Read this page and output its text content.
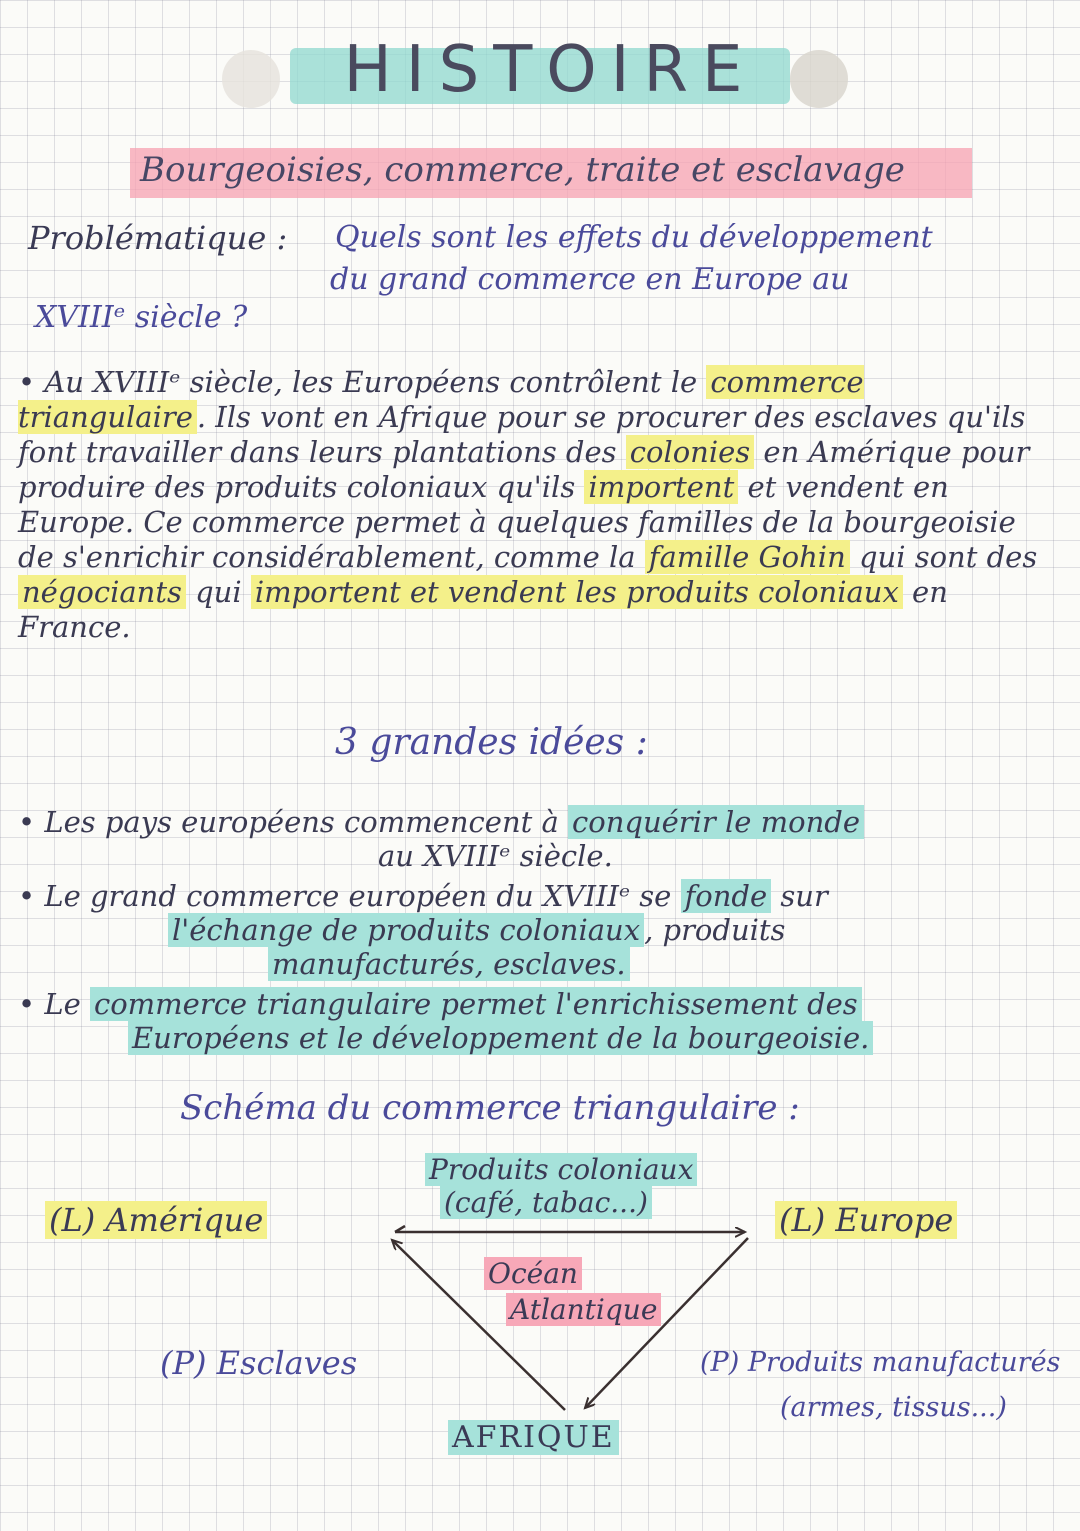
HISTOIRE
Bourgeoisies, commerce, traite et esclavage
Problématique : Quels sont les effets du développement
du grand commerce en Europe au
XVIIIᵉ siècle ?
• Au XVIIIᵉ siècle, les Européens contrôlent le commerce triangulaire . Ils vont en Afrique pour se procurer des esclaves qu'ils font travailler dans leurs plantations des colonies en Amérique pour produire des produits coloniaux qu'ils importent et vendent en Europe. Ce commerce permet à quelques familles de la bourgeoisie de s'enrichir considérablement, comme la famille Gohin qui sont des négociants qui importent et vendent les produits coloniaux en France.
3 grandes idées :
• Les pays européens commencent à conquérir le monde
au XVIIIᵉ siècle.
• Le grand commerce européen du XVIIIᵉ se fonde sur
l'échange de produits coloniaux , produits
manufacturés, esclaves.
• Le commerce triangulaire permet l'enrichissement des
Européens et le développement de la bourgeoisie.
Schéma du commerce triangulaire :
Produits coloniaux
(café, tabac...)
(L) Amérique	(L) Europe
Océan
Atlantique
(P) Esclaves	(P) Produits manufacturés
(armes, tissus...)
AFRIQUE
